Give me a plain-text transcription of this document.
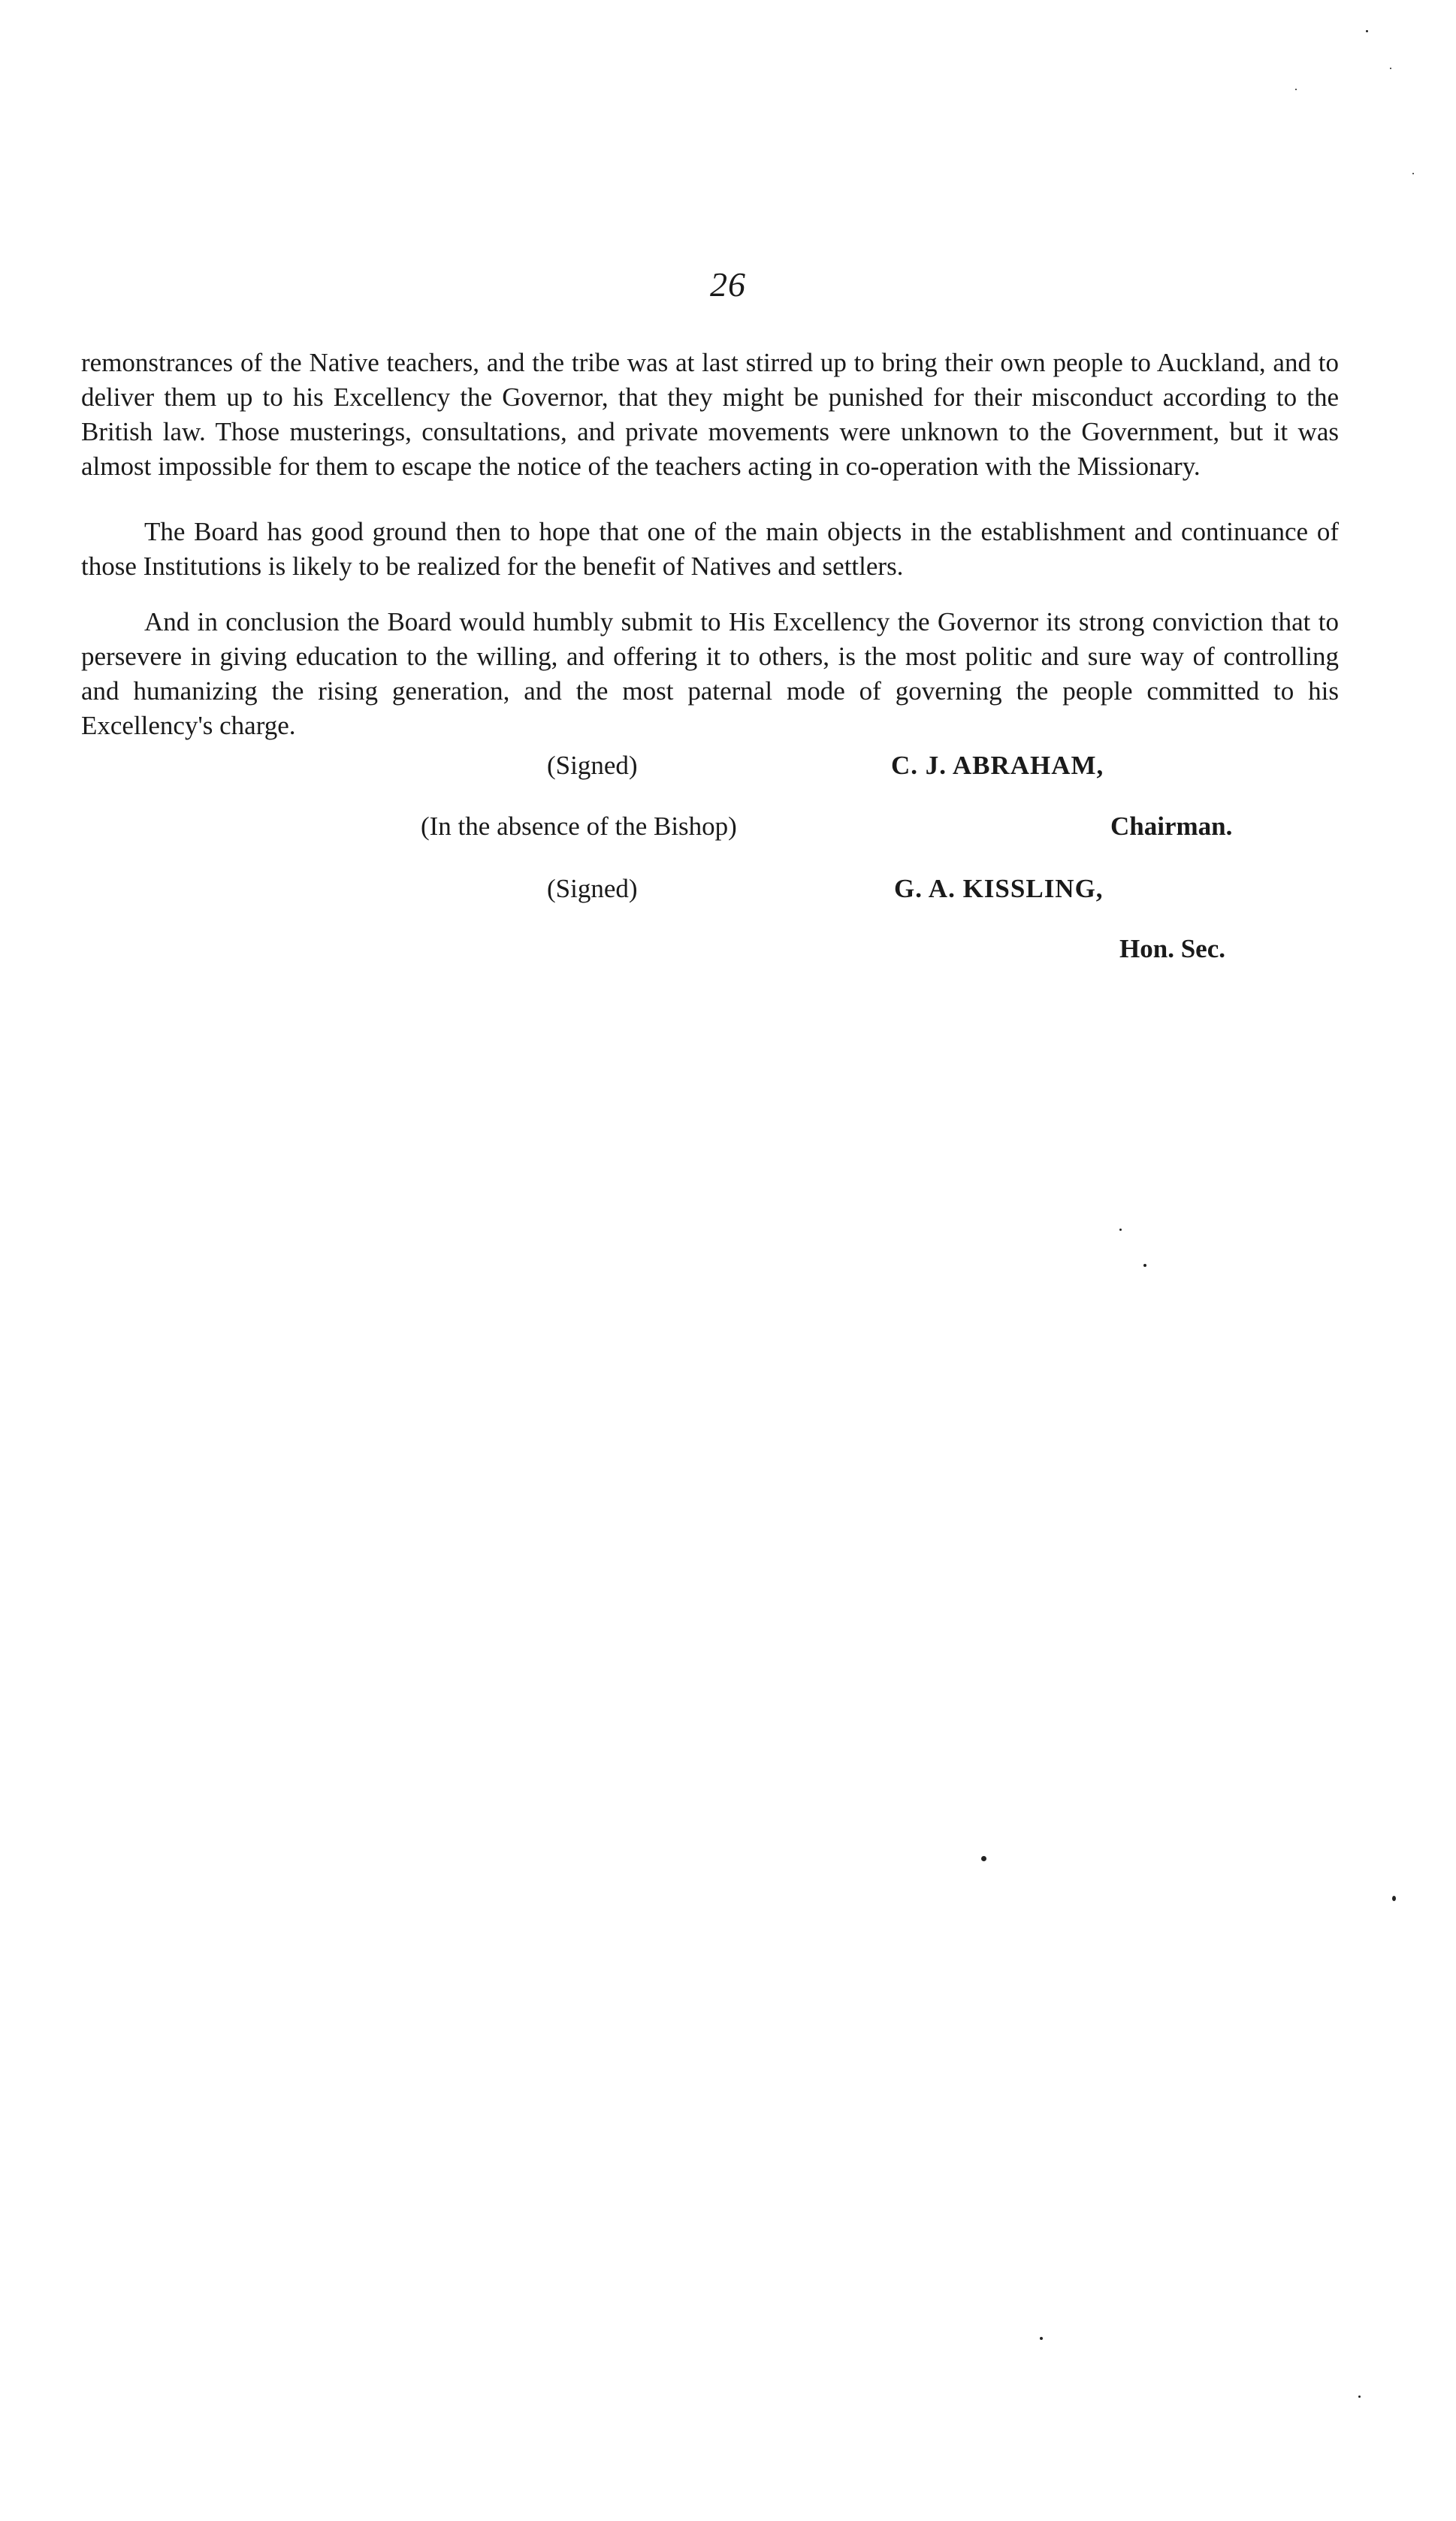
26

remonstrances of the Native teachers, and the tribe was at last stirred up to bring their own people to Auckland, and to deliver them up to his Excellency the Governor, that they might be punished for their misconduct according to the British law. Those musterings, consultations, and private movements were unknown to the Government, but it was almost impossible for them to escape the notice of the teachers acting in co-operation with the Missionary.

The Board has good ground then to hope that one of the main objects in the establishment and continuance of those Institutions is likely to be realized for the benefit of Natives and settlers.

And in conclusion the Board would humbly submit to His Excellency the Governor its strong conviction that to persevere in giving education to the willing, and offering it to others, is the most politic and sure way of controlling and humanizing the rising generation, and the most paternal mode of governing the people committed to his Excellency's charge.

(Signed)	C. J. ABRAHAM,
(In the absence of the Bishop)	Chairman.
(Signed)	G. A. KISSLING,
Hon. Sec.
